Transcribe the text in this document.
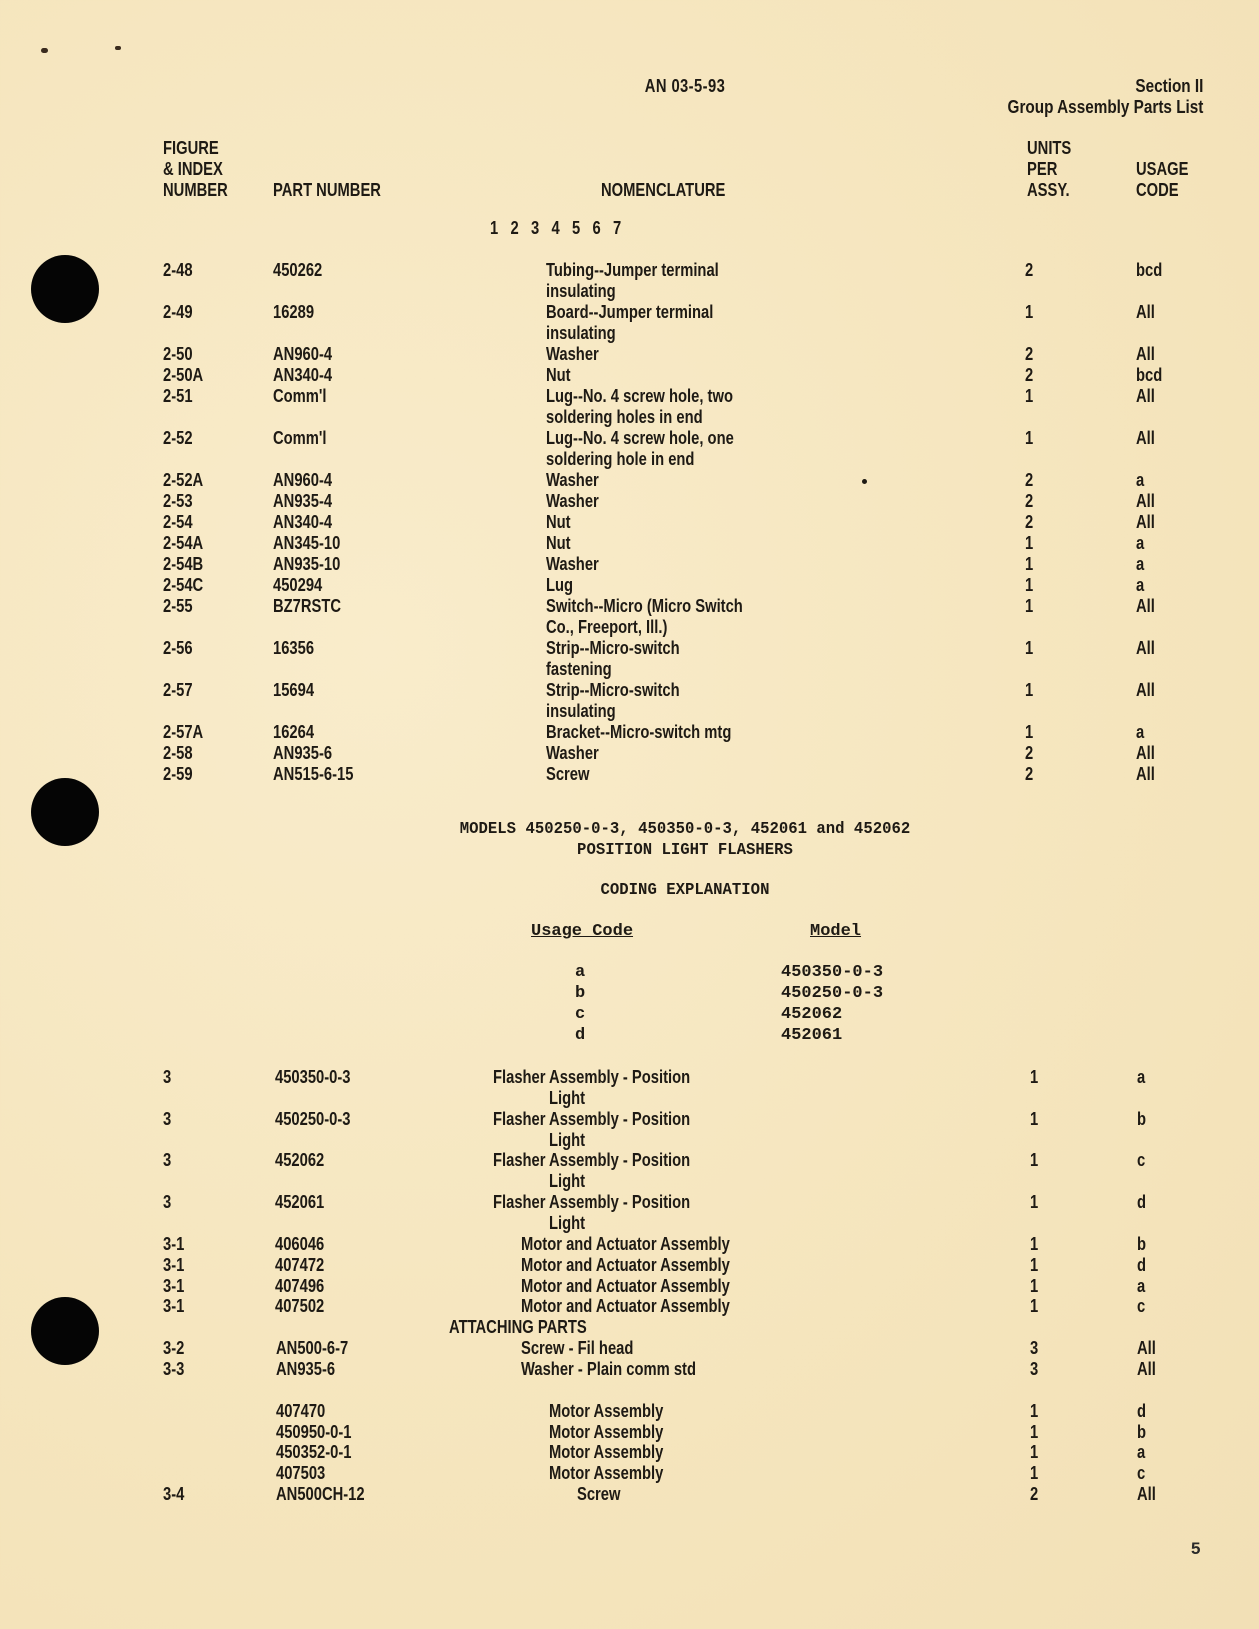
AN 03-5-93	Section II
Group Assembly Parts List
FIGURE
& INDEX
NUMBER	PART NUMBER	NOMENCLATURE
UNITS
PER
ASSY.
USAGE
CODE
1 2 3 4 5 6 7
2-48	450262	Tubing--Jumper terminal	2	bcd
insulating
2-49	16289	Board--Jumper terminal	1	All
insulating
2-50	AN960-4	Washer	2	All
2-50A	AN340-4	Nut	2	bcd
2-51	Comm'l	Lug--No. 4 screw hole, two	1	All
soldering holes in end
2-52	Comm'l	Lug--No. 4 screw hole, one	1	All
soldering hole in end
2-52A	AN960-4	Washer	2	a
2-53	AN935-4	Washer	2	All
2-54	AN340-4	Nut	2	All
2-54A	AN345-10	Nut	1	a
2-54B	AN935-10	Washer	1	a
2-54C	450294	Lug	1	a
2-55	BZ7RSTC	Switch--Micro (Micro Switch	1	All
Co., Freeport, Ill.)
2-56	16356	Strip--Micro-switch	1	All
fastening
2-57	15694	Strip--Micro-switch	1	All
insulating
2-57A	16264	Bracket--Micro-switch mtg	1	a
2-58	AN935-6	Washer	2	All
2-59	AN515-6-15	Screw	2	All
MODELS 450250-0-3, 450350-0-3, 452061 and 452062
POSITION LIGHT FLASHERS
CODING EXPLANATION
Usage Code	Model
a	450350-0-3
b	450250-0-3
c	452062
d	452061
3	450350-0-3	Flasher Assembly - Position	1	a
Light
3	450250-0-3	Flasher Assembly - Position	1	b
Light
3	452062	Flasher Assembly - Position	1	c
Light
3	452061	Flasher Assembly - Position	1	d
Light
3-1	406046	Motor and Actuator Assembly	1	b
3-1	407472	Motor and Actuator Assembly	1	d
3-1	407496	Motor and Actuator Assembly	1	a
3-1	407502	Motor and Actuator Assembly	1	c
ATTACHING PARTS
3-2	AN500-6-7	Screw - Fil head	3	All
3-3	AN935-6	Washer - Plain comm std	3	All
407470	Motor Assembly	1	d
450950-0-1	Motor Assembly	1	b
450352-0-1	Motor Assembly	1	a
407503	Motor Assembly	1	c
3-4	AN500CH-12	Screw	2	All
5
